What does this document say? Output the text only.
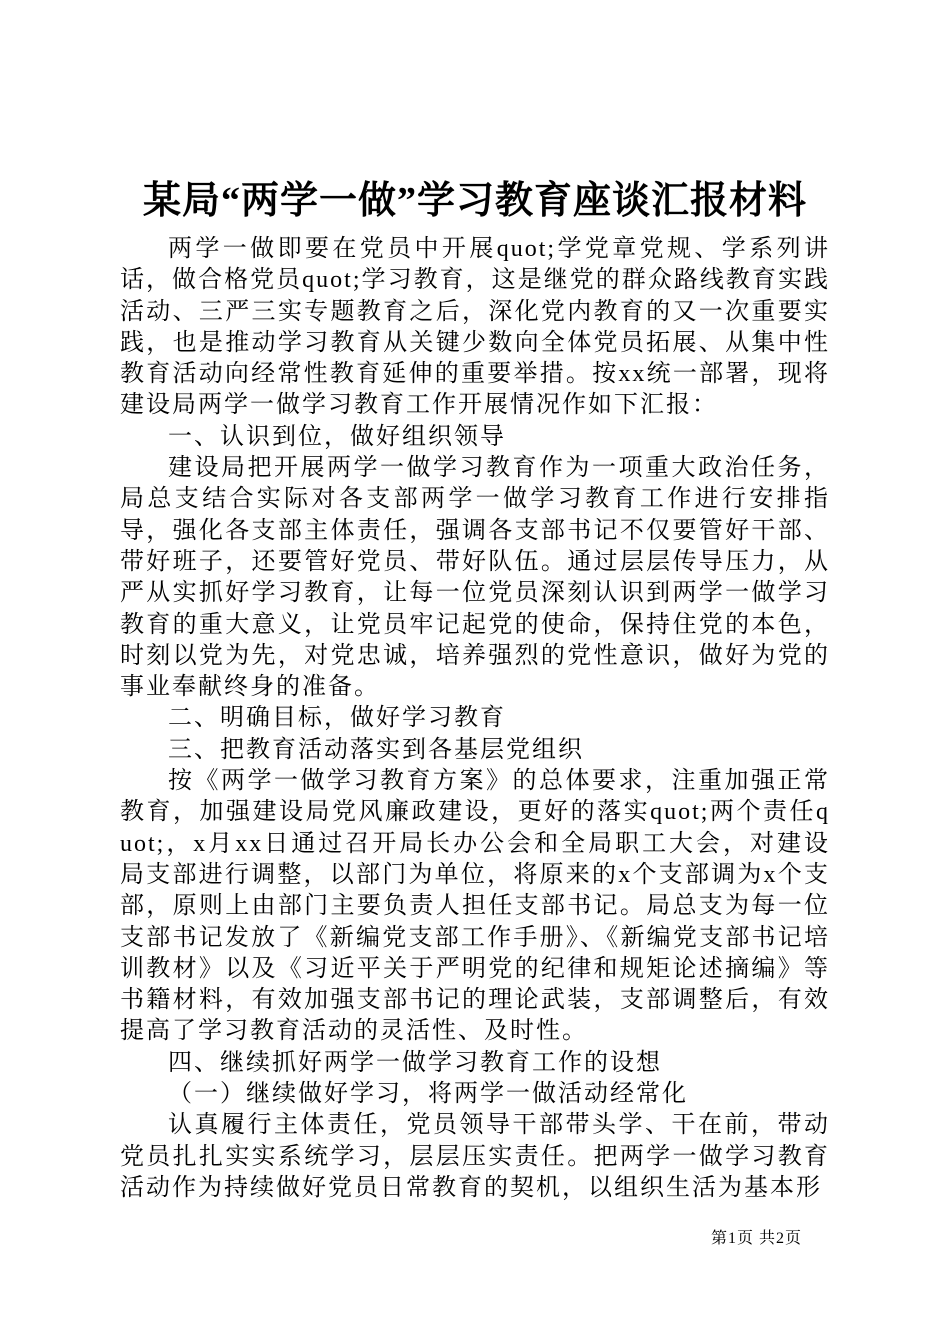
某局“两学一做”学习教育座谈汇报材料

两学一做即要在党员中开展quot;学党章党规、学系列讲话，做合格党员quot;学习教育，这是继党的群众路线教育实践活动、三严三实专题教育之后，深化党内教育的又一次重要实践，也是推动学习教育从关键少数向全体党员拓展、从集中性教育活动向经常性教育延伸的重要举措。按xx统一部署，现将建设局两学一做学习教育工作开展情况作如下汇报：

一、认识到位，做好组织领导

建设局把开展两学一做学习教育作为一项重大政治任务，局总支结合实际对各支部两学一做学习教育工作进行安排指导，强化各支部主体责任，强调各支部书记不仅要管好干部、带好班子，还要管好党员、带好队伍。通过层层传导压力，从严从实抓好学习教育，让每一位党员深刻认识到两学一做学习教育的重大意义，让党员牢记起党的使命，保持住党的本色，时刻以党为先，对党忠诚，培养强烈的党性意识，做好为党的事业奉献终身的准备。

二、明确目标，做好学习教育

三、把教育活动落实到各基层党组织

按《两学一做学习教育方案》的总体要求，注重加强正常教育，加强建设局党风廉政建设，更好的落实quot;两个责任quot;，x月xx日通过召开局长办公会和全局职工大会，对建设局支部进行调整，以部门为单位，将原来的x个支部调为x个支部，原则上由部门主要负责人担任支部书记。局总支为每一位支部书记发放了《新编党支部工作手册》、《新编党支部书记培训教材》以及《习近平关于严明党的纪律和规矩论述摘编》等书籍材料，有效加强支部书记的理论武装，支部调整后，有效提高了学习教育活动的灵活性、及时性。

四、继续抓好两学一做学习教育工作的设想

（一）继续做好学习，将两学一做活动经常化

认真履行主体责任，党员领导干部带头学、干在前，带动党员扎扎实实系统学习，层层压实责任。把两学一做学习教育活动作为持续做好党员日常教育的契机，以组织生活为基本形

第1页 共2页
